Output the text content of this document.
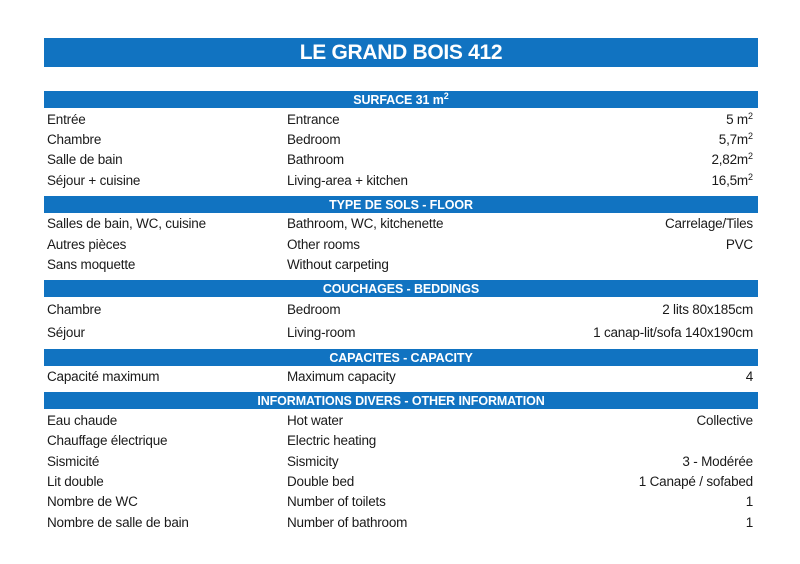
LE GRAND BOIS 412
SURFACE 31 $m^2$
Entrée	Entrance	5 $m^2$
Chambre	Bedroom	$5,7m^2$
Salle de bain	Bathroom	$2,82m^2$
Séjour + cuisine	Living-area + kitchen	$16,5m^2$
TYPE DE SOLS - FLOOR
Salles de bain, WC, cuisine	Bathroom, WC, kitchenette	Carrelage/Tiles
Autres pièces	Other rooms	PVC
Sans moquette	Without carpeting
COUCHAGES - BEDDINGS
Chambre	Bedroom	2 lits 80x185cm
Séjour	Living-room	1 canap-lit/sofa 140x190cm
CAPACITES - CAPACITY
Capacité maximum	Maximum capacity	4
INFORMATIONS DIVERS - OTHER INFORMATION
Eau chaude	Hot water	Collective
Chauffage électrique	Electric heating
Sismicité	Sismicity	3 - Modérée
Lit double	Double bed	1 Canapé / sofabed
Nombre de WC	Number of toilets	1
Nombre de salle de bain	Number of bathroom	1
